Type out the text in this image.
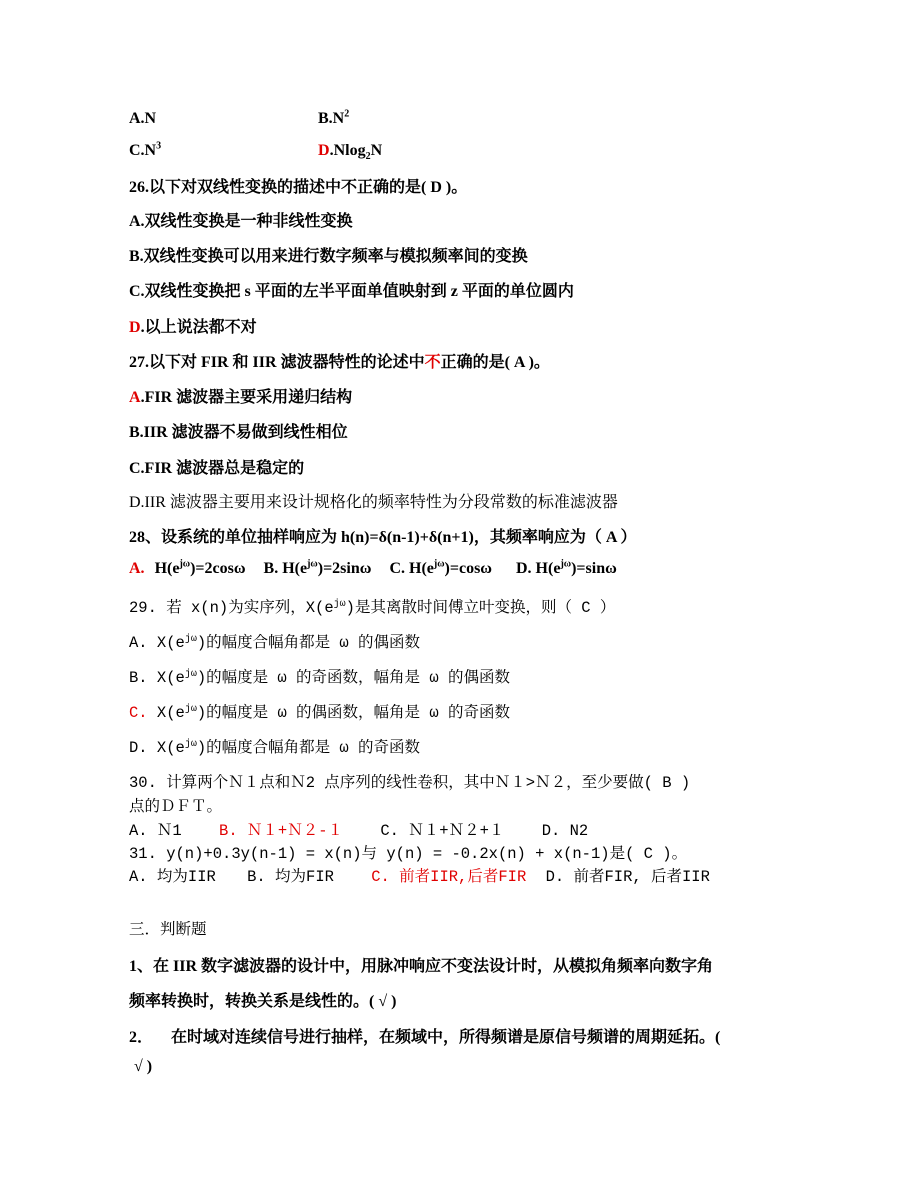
A.N	$B.N^2$
$C.N^3$	D.Nlog$_2$N
26.以下对双线性变换的描述中不正确的是( D )。
A.双线性变换是一种非线性变换
B.双线性变换可以用来进行数字频率与模拟频率间的变换
C.双线性变换把 s 平面的左半平面单值映射到 z 平面的单位圆内
D.以上说法都不对
27.以下对 FIR 和 IIR 滤波器特性的论述中不正确的是( A )。
A.FIR 滤波器主要采用递归结构
B.IIR 滤波器不易做到线性相位
C.FIR 滤波器总是稳定的
D.IIR 滤波器主要用来设计规格化的频率特性为分段常数的标准滤波器
28、设系统的单位抽样响应为 h(n)=δ(n-1)+δ(n+1)，其频率响应为（ A ）
A. $H(e^{j\omega})=2\cos\omega$ B. $H(e^{j\omega})=2\sin\omega$ C. $H(e^{j\omega})=\cos\omega$ D. $H(e^{j\omega})=\sin\omega$
29. 若 x(n)为实序列，$X(e^{j\omega})$是其离散时间傅立叶变换，则（ C ）
A. $X(e^{j\omega})$的幅度合幅角都是 ω 的偶函数
B. $X(e^{j\omega})$的幅度是 ω 的奇函数，幅角是 ω 的偶函数
C. $X(e^{j\omega})$的幅度是 ω 的偶函数，幅角是 ω 的奇函数
D. $X(e^{j\omega})$的幅度合幅角都是 ω 的奇函数
30. 计算两个Ｎ１点和Ｎ2 点序列的线性卷积，其中Ｎ１>Ｎ２，至少要做( B )
点的ＤＦＴ。
A. Ｎ1 B. Ｎ１+Ｎ２-１ C. Ｎ１+Ｎ２+１ D. N2
31. y(n)+0.3y(n-1) = x(n)与 y(n) = -0.2x(n) + x(n-1)是( C )。
A. 均为IIR B. 均为FIR C. 前者IIR,后者FIR D. 前者FIR, 后者IIR
三．判断题
1、在 IIR 数字滤波器的设计中，用脉冲响应不变法设计时，从模拟角频率向数字角
频率转换时，转换关系是线性的。( √ )
2． 在时域对连续信号进行抽样，在频域中，所得频谱是原信号频谱的周期延拓。(
√ )
